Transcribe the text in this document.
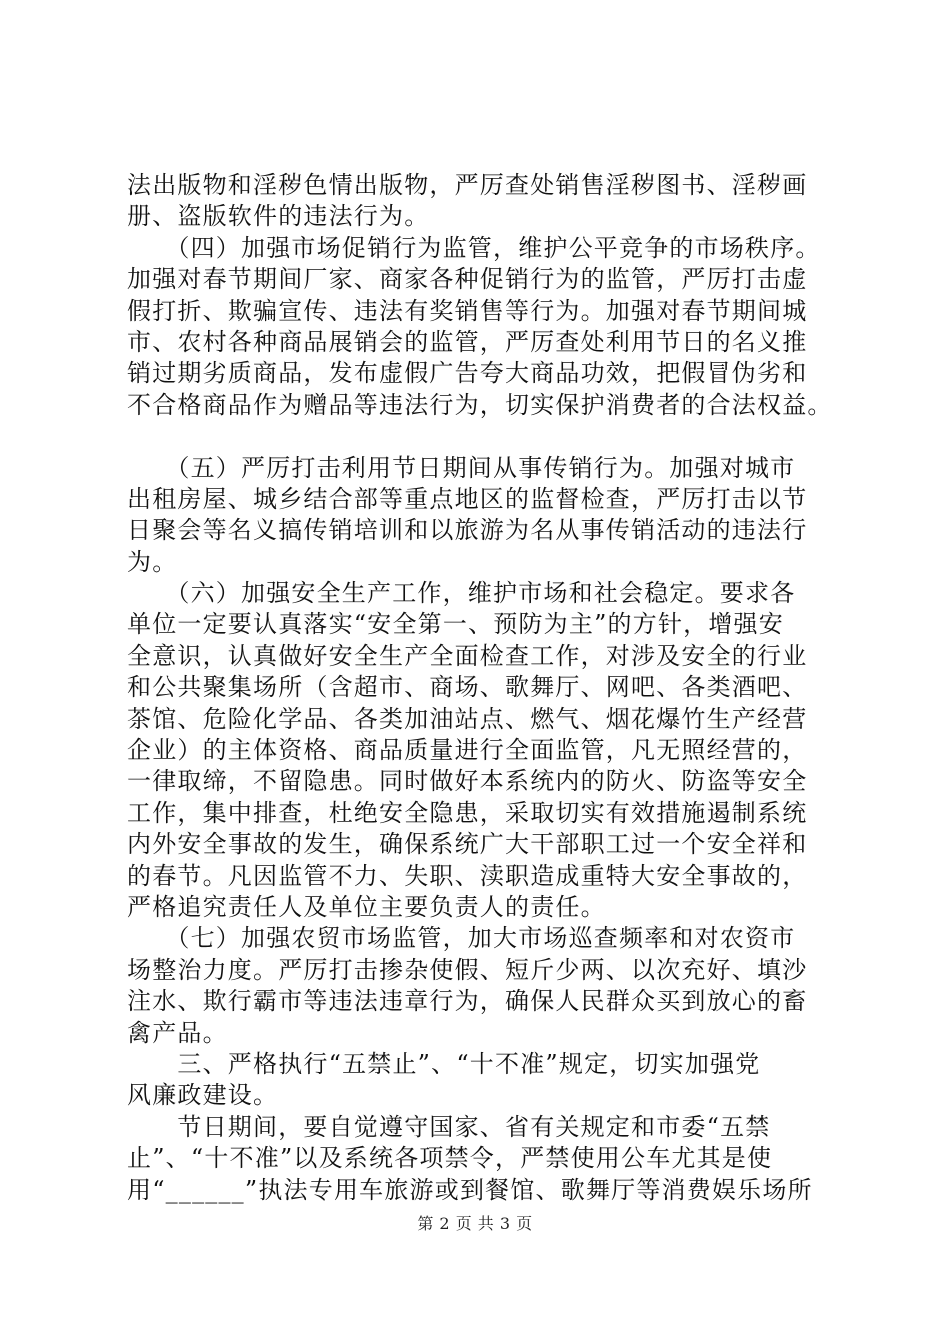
法出版物和淫秽色情出版物，严厉查处销售淫秽图书、淫秽画
册、盗版软件的违法行为。
　　（四）加强市场促销行为监管，维护公平竞争的市场秩序。
加强对春节期间厂家、商家各种促销行为的监管，严厉打击虚
假打折、欺骗宣传、违法有奖销售等行为。加强对春节期间城
市、农村各种商品展销会的监管，严厉查处利用节日的名义推
销过期劣质商品，发布虚假广告夸大商品功效，把假冒伪劣和
不合格商品作为赠品等违法行为，切实保护消费者的合法权益。
　　（五）严厉打击利用节日期间从事传销行为。加强对城市
出租房屋、城乡结合部等重点地区的监督检查，严厉打击以节
日聚会等名义搞传销培训和以旅游为名从事传销活动的违法行
为。
　　（六）加强安全生产工作，维护市场和社会稳定。要求各
单位一定要认真落实“安全第一、预防为主”的方针，增强安
全意识，认真做好安全生产全面检查工作，对涉及安全的行业
和公共聚集场所（含超市、商场、歌舞厅、网吧、各类酒吧、
茶馆、危险化学品、各类加油站点、燃气、烟花爆竹生产经营
企业）的主体资格、商品质量进行全面监管，凡无照经营的，
一律取缔，不留隐患。同时做好本系统内的防火、防盗等安全
工作，集中排查，杜绝安全隐患，采取切实有效措施遏制系统
内外安全事故的发生，确保系统广大干部职工过一个安全祥和
的春节。凡因监管不力、失职、渎职造成重特大安全事故的，
严格追究责任人及单位主要负责人的责任。
　　（七）加强农贸市场监管，加大市场巡查频率和对农资市
场整治力度。严厉打击掺杂使假、短斤少两、以次充好、填沙
注水、欺行霸市等违法违章行为，确保人民群众买到放心的畜
禽产品。
　　三、严格执行“五禁止”、“十不准”规定，切实加强党
风廉政建设。
　　节日期间，要自觉遵守国家、省有关规定和市委“五禁
止”、“十不准”以及系统各项禁令，严禁使用公车尤其是使
用“______”执法专用车旅游或到餐馆、歌舞厅等消费娱乐场所
第 2 页 共 3 页
